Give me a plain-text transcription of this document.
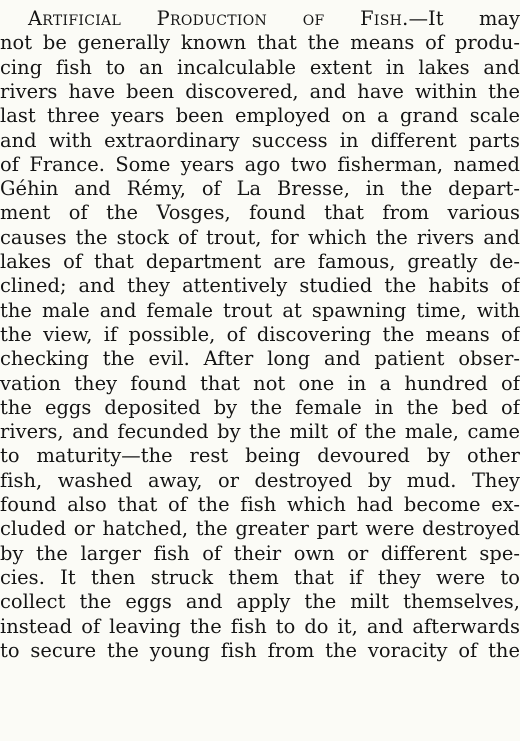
Artificial Production of Fish.—It may
not be generally known that the means of produ-
cing fish to an incalculable extent in lakes and
rivers have been discovered, and have within the
last three years been employed on a grand scale
and with extraordinary success in different parts
of France. Some years ago two fisherman, named
Géhin and Rémy, of La Bresse, in the depart-
ment of the Vosges, found that from various
causes the stock of trout, for which the rivers and
lakes of that department are famous, greatly de-
clined; and they attentively studied the habits of
the male and female trout at spawning time, with
the view, if possible, of discovering the means of
checking the evil. After long and patient obser-
vation they found that not one in a hundred of
the eggs deposited by the female in the bed of
rivers, and fecunded by the milt of the male, came
to maturity—the rest being devoured by other
fish, washed away, or destroyed by mud. They
found also that of the fish which had become ex-
cluded or hatched, the greater part were destroyed
by the larger fish of their own or different spe-
cies. It then struck them that if they were to
collect the eggs and apply the milt themselves,
instead of leaving the fish to do it, and afterwards
to secure the young fish from the voracity of the
